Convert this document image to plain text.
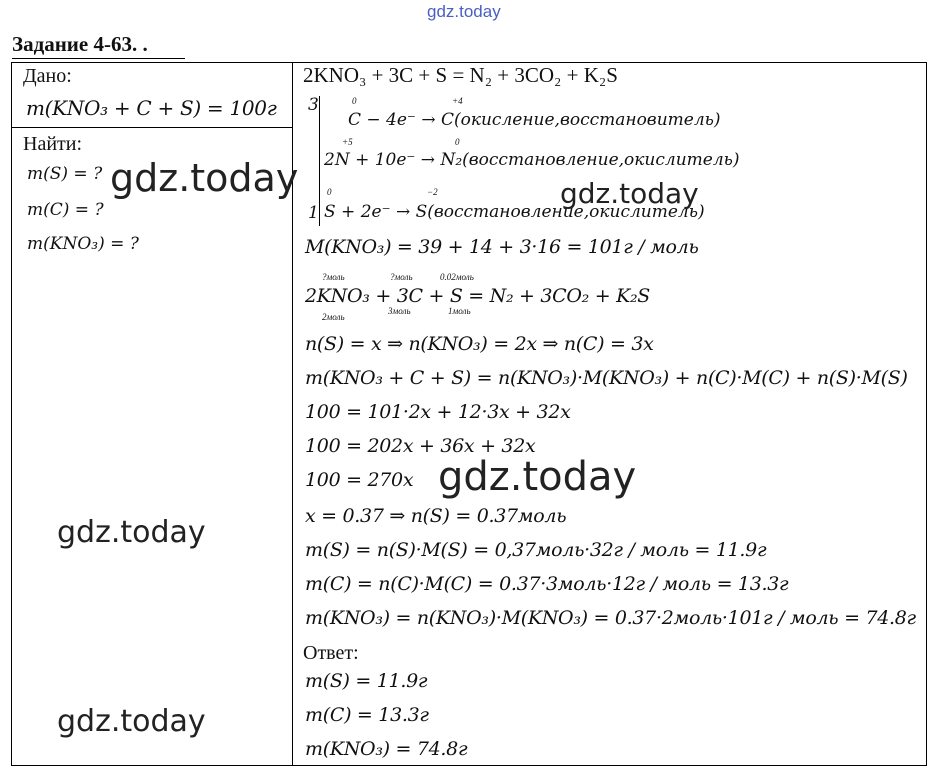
gdz.today
Задание 4-63. .
Дано:
m(KNO₃ + C + S) = 100г
Найти:
m(S) = ?
m(C) = ?
m(KNO₃) = ?
2KNO₃ + 3C + S = N₂ + 3CO₂ + K₂S
3	0	+4
C − 4e⁻ → C(окисление,восстановитель)
+5	0
2N + 10e⁻ → N₂(восстановление,окислитель)
1
0	−2
S + 2e⁻ → S(восстановление,окислитель)
M(KNO₃) = 39 + 14 + 3·16 = 101г / моль
?моль	?моль	0.02моль
2KNO₃ + 3C + S = N₂ + 3CO₂ + K₂S
2моль
3моль	1моль
n(S) = x ⇒ n(KNO₃) = 2x ⇒ n(C) = 3x
m(KNO₃ + C + S) = n(KNO₃)·M(KNO₃) + n(C)·M(C) + n(S)·M(S)
100 = 101·2x + 12·3x + 32x
100 = 202x + 36x + 32x
100 = 270x
x = 0.37 ⇒ n(S) = 0.37моль
m(S) = n(S)·M(S) = 0,37моль·32г / моль = 11.9г
m(C) = n(C)·M(C) = 0.37·3моль·12г / моль = 13.3г
m(KNO₃) = n(KNO₃)·M(KNO₃) = 0.37·2моль·101г / моль = 74.8г
Ответ:
m(S) = 11.9г
m(C) = 13.3г
m(KNO₃) = 74.8г
gdz.today	gdz.today
gdz.today
gdz.today
gdz.today
